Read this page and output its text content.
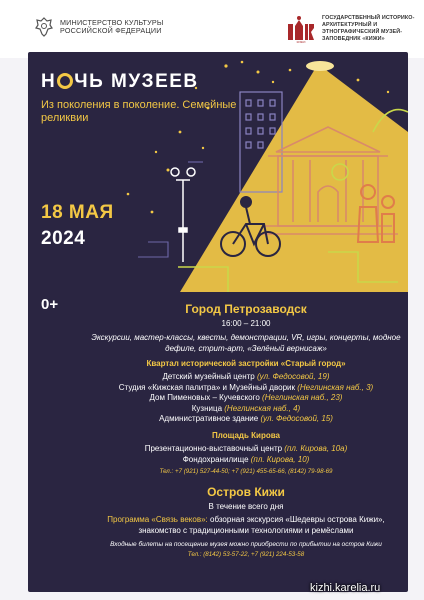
МИНИСТЕРСТВО КУЛЬТУРЫ РОССИЙСКОЙ ФЕДЕРАЦИИ
КИЖИ
ГОСУДАРСТВЕННЫЙ ИСТОРИКО-АРХИТЕКТУРНЫЙ И ЭТНОГРАФИЧЕСКИЙ МУЗЕЙ-ЗАПОВЕДНИК «КИЖИ»
Н ЧЬ МУЗЕЕВ
Из поколения в поколение. Семейные реликвии
18 МАЯ
2024
0+	Город Петрозаводск
16:00 – 21:00
Экскурсии, мастер-классы, квесты, демонстрации, VR, игры, концерты, модное дефиле, стрит-арт, «Зелёный вернисаж»
Квартал исторической застройки «Старый город»
Детский музейный центр (ул. Федосовой, 19)
Студия «Кижская палитра» и Музейный дворик (Неглинская наб., 3)
Дом Пименовых – Кучевского (Неглинская наб., 23)
Кузница (Неглинская наб., 4)
Административное здание (ул. Федосовой, 15)
Площадь Кирова
Презентационно-выставочный центр (пл. Кирова, 10а)
Фондохранилище (пл. Кирова, 10)
Тел.: +7 (921) 527-44-50; +7 (921) 455-65-66, (8142) 79-98-69
Остров Кижи
В течение всего дня
Программа «Связь веков»: обзорная экскурсия «Шедевры острова Кижи», знакомство с традиционными технологиями и ремёслами
Входные билеты на посещение музея можно приобрести по прибытии на остров Кижи
Тел.: (8142) 53-57-22, +7 (921) 224-53-58
kizhi.karelia.ru
